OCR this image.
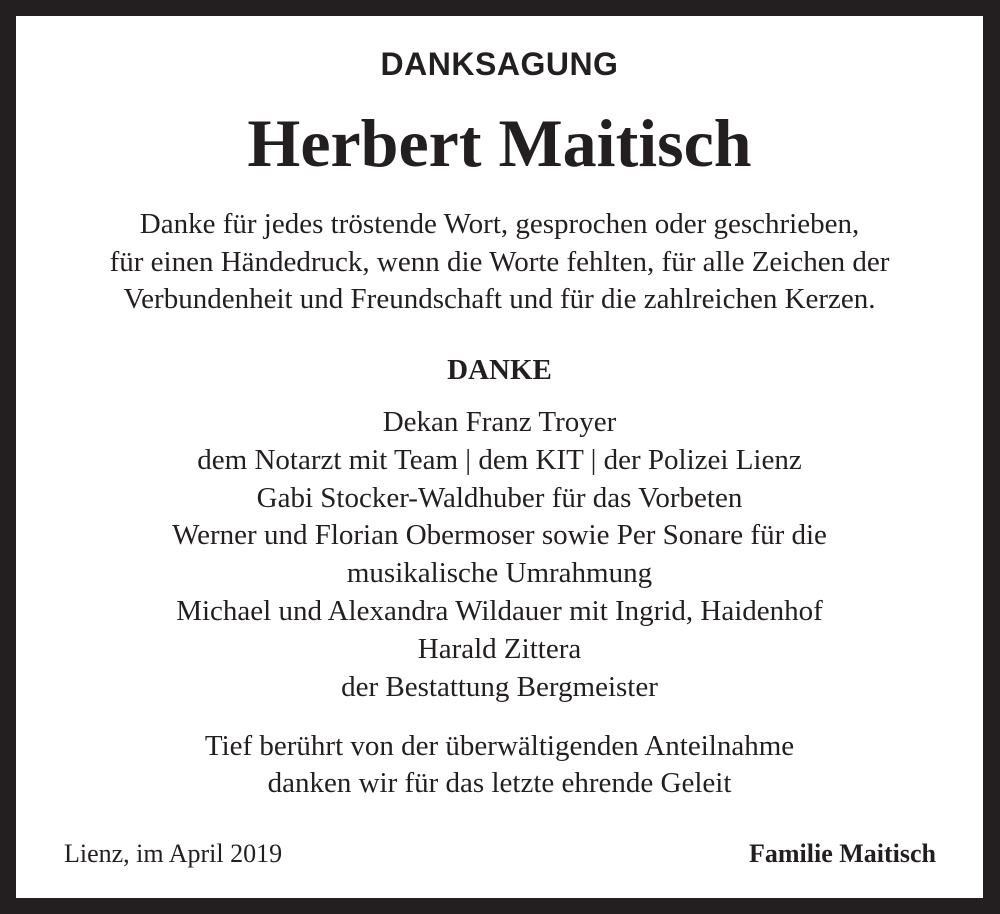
176591
DANKSAGUNG
Herbert Maitisch
Danke für jedes tröstende Wort, gesprochen oder geschrieben,
für einen Händedruck, wenn die Worte fehlten, für alle Zeichen der
Verbundenheit und Freundschaft und für die zahlreichen Kerzen.
DANKE
Dekan Franz Troyer
dem Notarzt mit Team | dem KIT | der Polizei Lienz
Gabi Stocker-Waldhuber für das Vorbeten
Werner und Florian Obermoser sowie Per Sonare für die
musikalische Umrahmung
Michael und Alexandra Wildauer mit Ingrid, Haidenhof
Harald Zittera
der Bestattung Bergmeister
Tief berührt von der überwältigenden Anteilnahme
danken wir für das letzte ehrende Geleit
Lienz, im April 2019	Familie Maitisch
